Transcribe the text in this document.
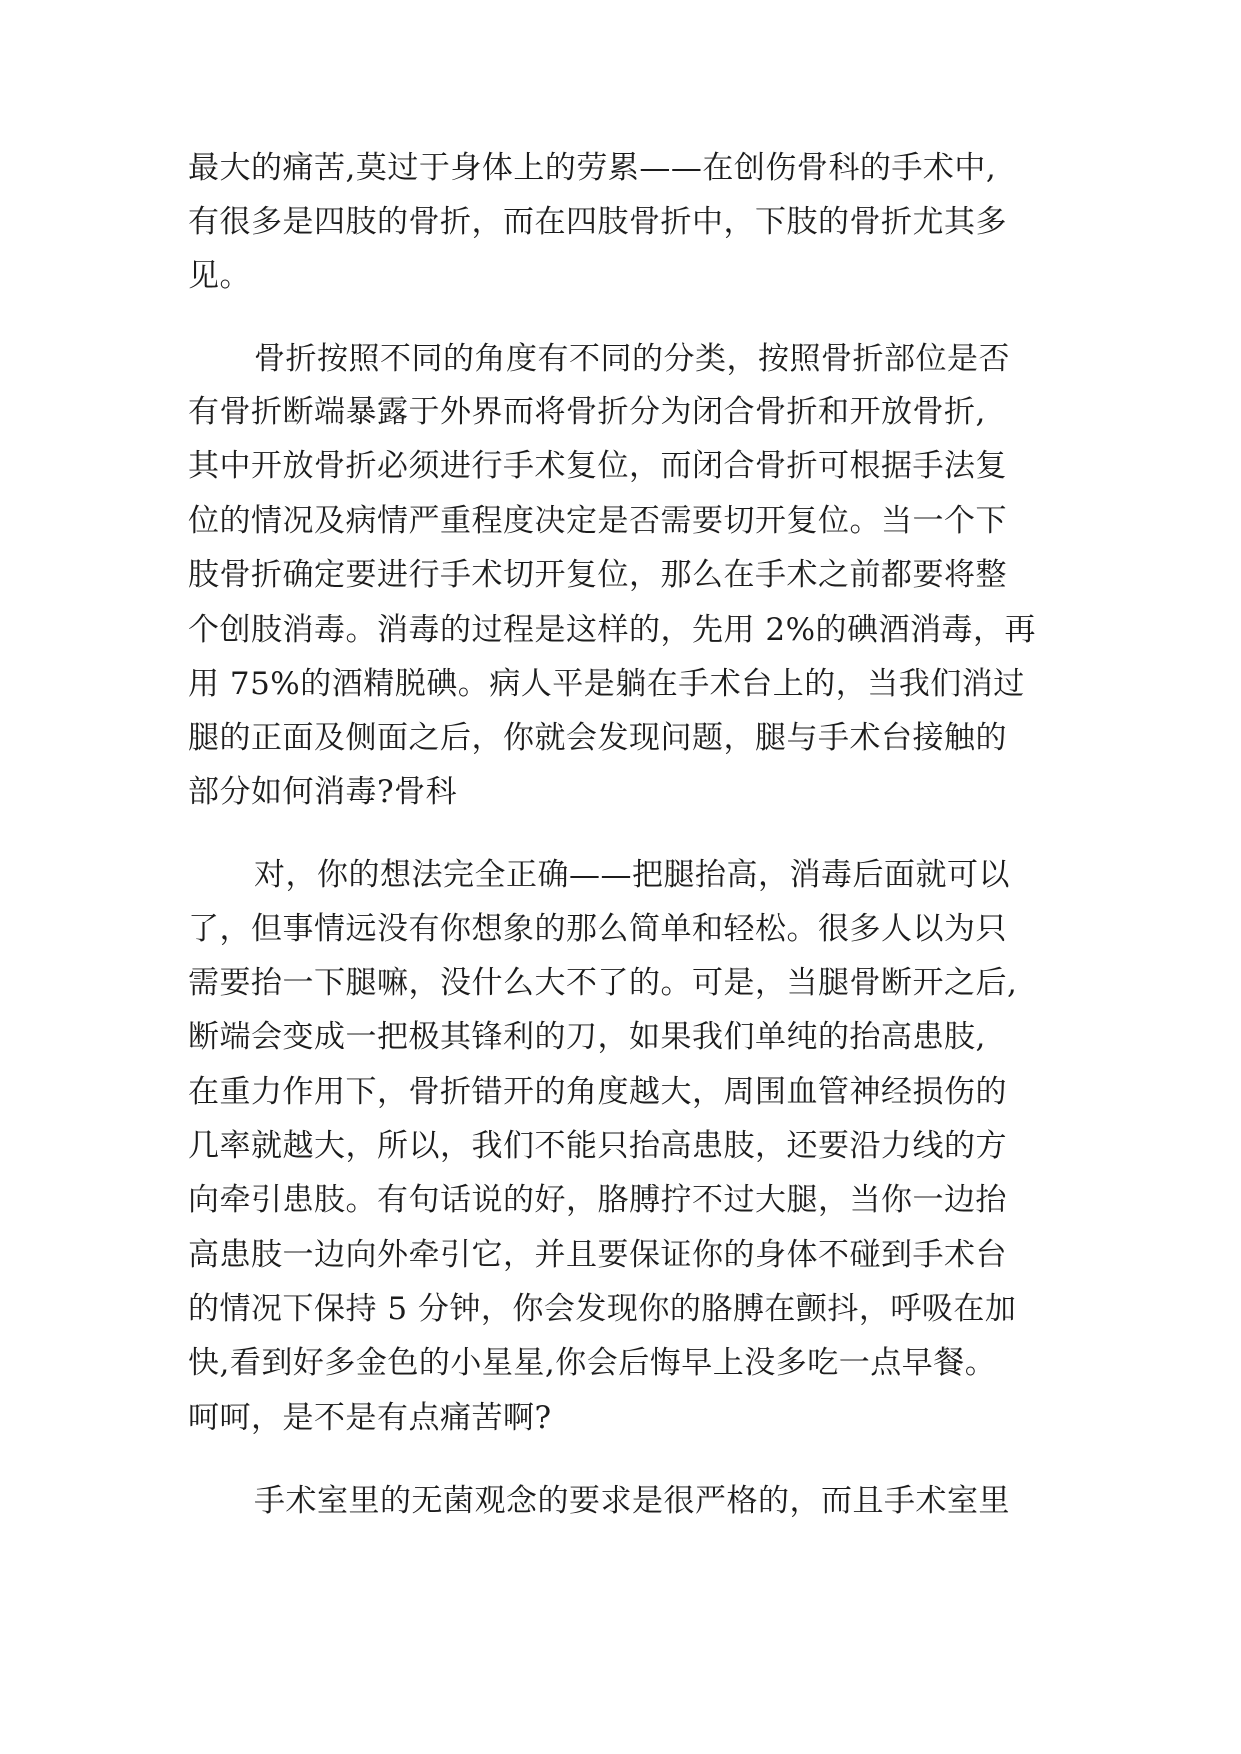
最大的痛苦,莫过于身体上的劳累——在创伤骨科的手术中,
有很多是四肢的骨折，而在四肢骨折中，下肢的骨折尤其多
见。
骨折按照不同的角度有不同的分类，按照骨折部位是否
有骨折断端暴露于外界而将骨折分为闭合骨折和开放骨折,
其中开放骨折必须进行手术复位，而闭合骨折可根据手法复
位的情况及病情严重程度决定是否需要切开复位。当一个下
肢骨折确定要进行手术切开复位，那么在手术之前都要将整
个创肢消毒。消毒的过程是这样的，先用 2%的碘酒消毒，再
用 75%的酒精脱碘。病人平是躺在手术台上的，当我们消过
腿的正面及侧面之后，你就会发现问题，腿与手术台接触的
部分如何消毒?骨科
对，你的想法完全正确——把腿抬高，消毒后面就可以
了，但事情远没有你想象的那么简单和轻松。很多人以为只
需要抬一下腿嘛，没什么大不了的。可是，当腿骨断开之后,
断端会变成一把极其锋利的刀，如果我们单纯的抬高患肢,
在重力作用下，骨折错开的角度越大，周围血管神经损伤的
几率就越大，所以，我们不能只抬高患肢，还要沿力线的方
向牵引患肢。有句话说的好，胳膊拧不过大腿，当你一边抬
高患肢一边向外牵引它，并且要保证你的身体不碰到手术台
的情况下保持 5 分钟，你会发现你的胳膊在颤抖，呼吸在加
快,看到好多金色的小星星,你会后悔早上没多吃一点早餐。
呵呵，是不是有点痛苦啊?
手术室里的无菌观念的要求是很严格的，而且手术室里
